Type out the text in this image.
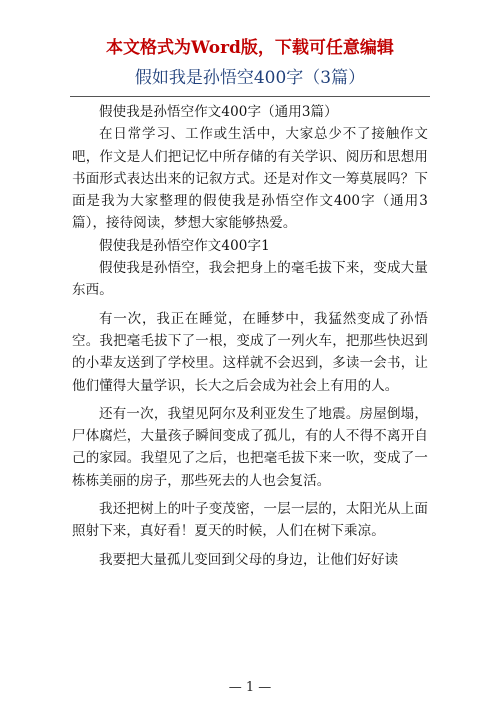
本文格式为Word版，下载可任意编辑
假如我是孙悟空400字（3篇）

假使我是孙悟空作文400字（通用3篇）

在日常学习、工作或生活中，大家总少不了接触作文吧，作文是人们把记忆中所存储的有关学识、阅历和思想用书面形式表达出来的记叙方式。还是对作文一筹莫展吗？下面是我为大家整理的假使我是孙悟空作文400字（通用3篇），接待阅读，梦想大家能够热爱。

假使我是孙悟空作文400字1

假使我是孙悟空，我会把身上的毫毛拔下来，变成大量东西。

有一次，我正在睡觉，在睡梦中，我猛然变成了孙悟空。我把毫毛拔下了一根，变成了一列火车，把那些快迟到的小辈友送到了学校里。这样就不会迟到，多读一会书，让他们懂得大量学识，长大之后会成为社会上有用的人。

还有一次，我望见阿尔及利亚发生了地震。房屋倒塌，尸体腐烂，大量孩子瞬间变成了孤儿，有的人不得不离开自己的家园。我望见了之后，也把毫毛拔下来一吹，变成了一栋栋美丽的房子，那些死去的人也会复活。

我还把树上的叶子变茂密，一层一层的，太阳光从上面照射下来，真好看！夏天的时候，人们在树下乘凉。

我要把大量孤儿变回到父母的身边，让他们好好读

— 1 —
